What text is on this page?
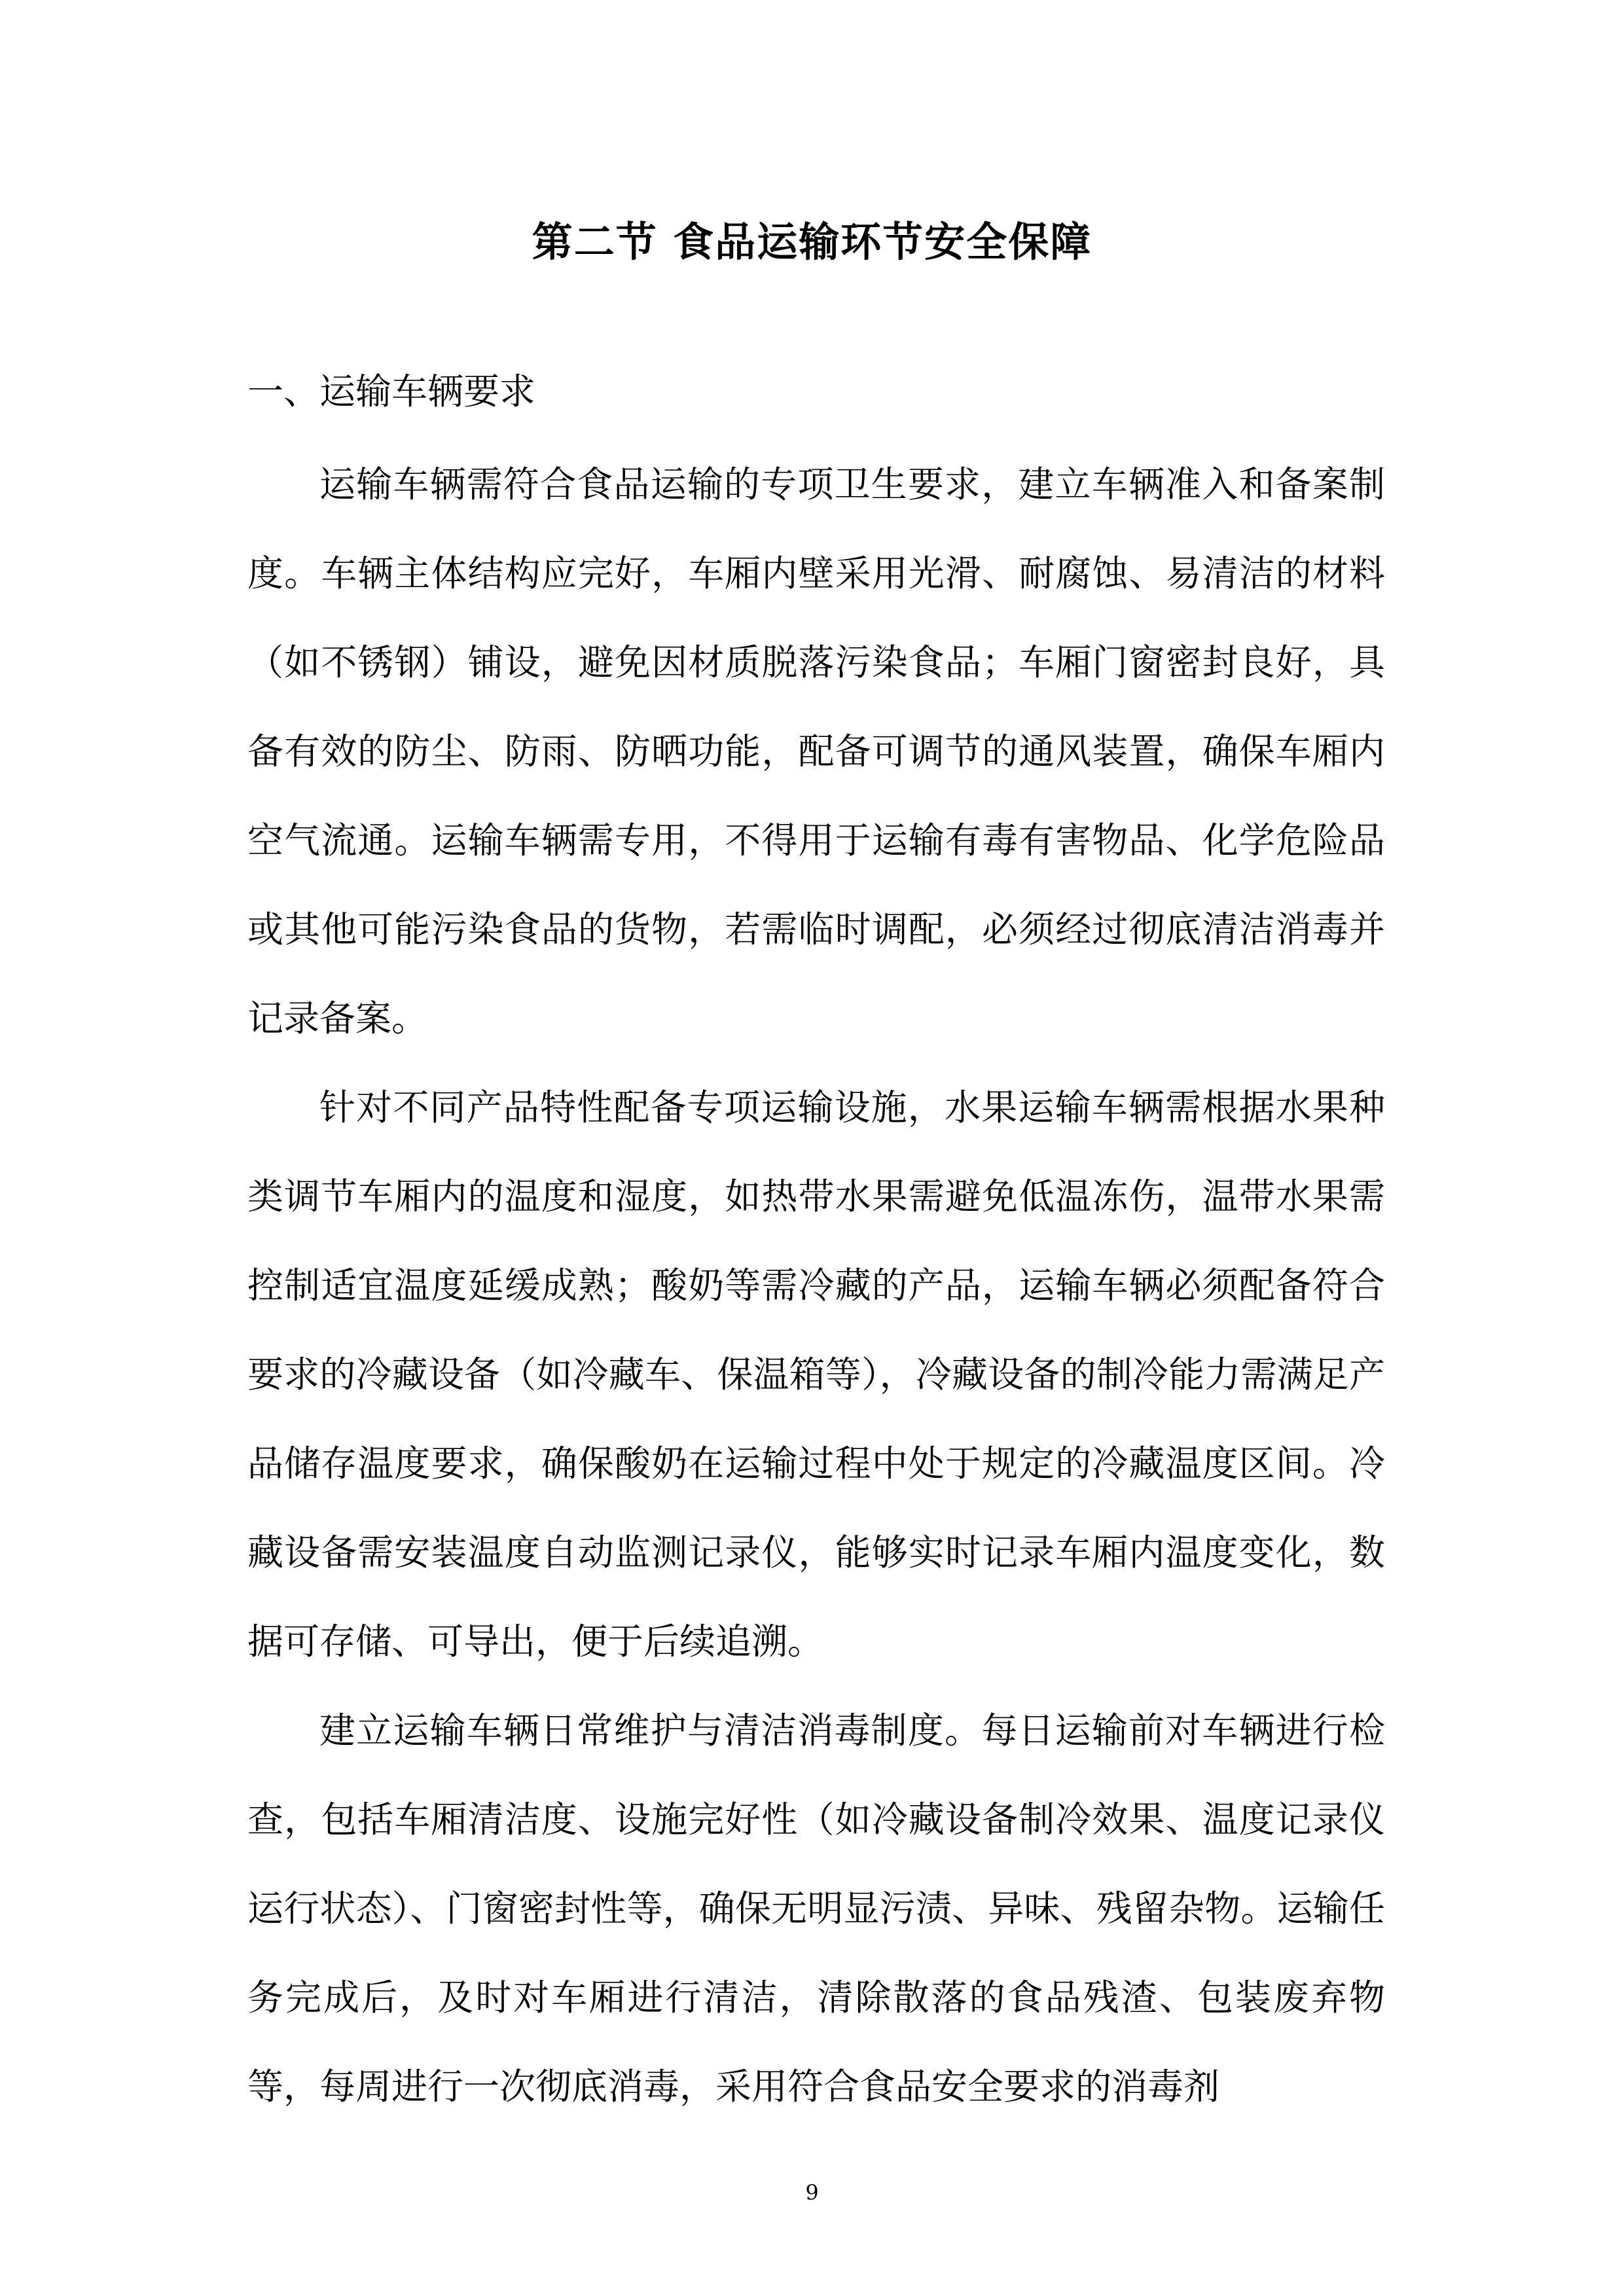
第二节 食品运输环节安全保障
一、运输车辆要求

运输车辆需符合食品运输的专项卫生要求，建立车辆准入和备案制度。车辆主体结构应完好，车厢内壁采用光滑、耐腐蚀、易清洁的材料（如不锈钢）铺设，避免因材质脱落污染食品；车厢门窗密封良好，具备有效的防尘、防雨、防晒功能，配备可调节的通风装置，确保车厢内空气流通。运输车辆需专用，不得用于运输有毒有害物品、化学危险品或其他可能污染食品的货物，若需临时调配，必须经过彻底清洁消毒并记录备案。

针对不同产品特性配备专项运输设施，水果运输车辆需根据水果种类调节车厢内的温度和湿度，如热带水果需避免低温冻伤，温带水果需控制适宜温度延缓成熟；酸奶等需冷藏的产品，运输车辆必须配备符合要求的冷藏设备（如冷藏车、保温箱等），冷藏设备的制冷能力需满足产品储存温度要求，确保酸奶在运输过程中处于规定的冷藏温度区间。冷藏设备需安装温度自动监测记录仪，能够实时记录车厢内温度变化，数据可存储、可导出，便于后续追溯。

建立运输车辆日常维护与清洁消毒制度。每日运输前对车辆进行检查，包括车厢清洁度、设施完好性（如冷藏设备制冷效果、温度记录仪运行状态）、门窗密封性等，确保无明显污渍、异味、残留杂物。运输任务完成后，及时对车厢进行清洁，清除散落的食品残渣、包装废弃物等，每周进行一次彻底消毒，采用符合食品安全要求的消毒剂

9
